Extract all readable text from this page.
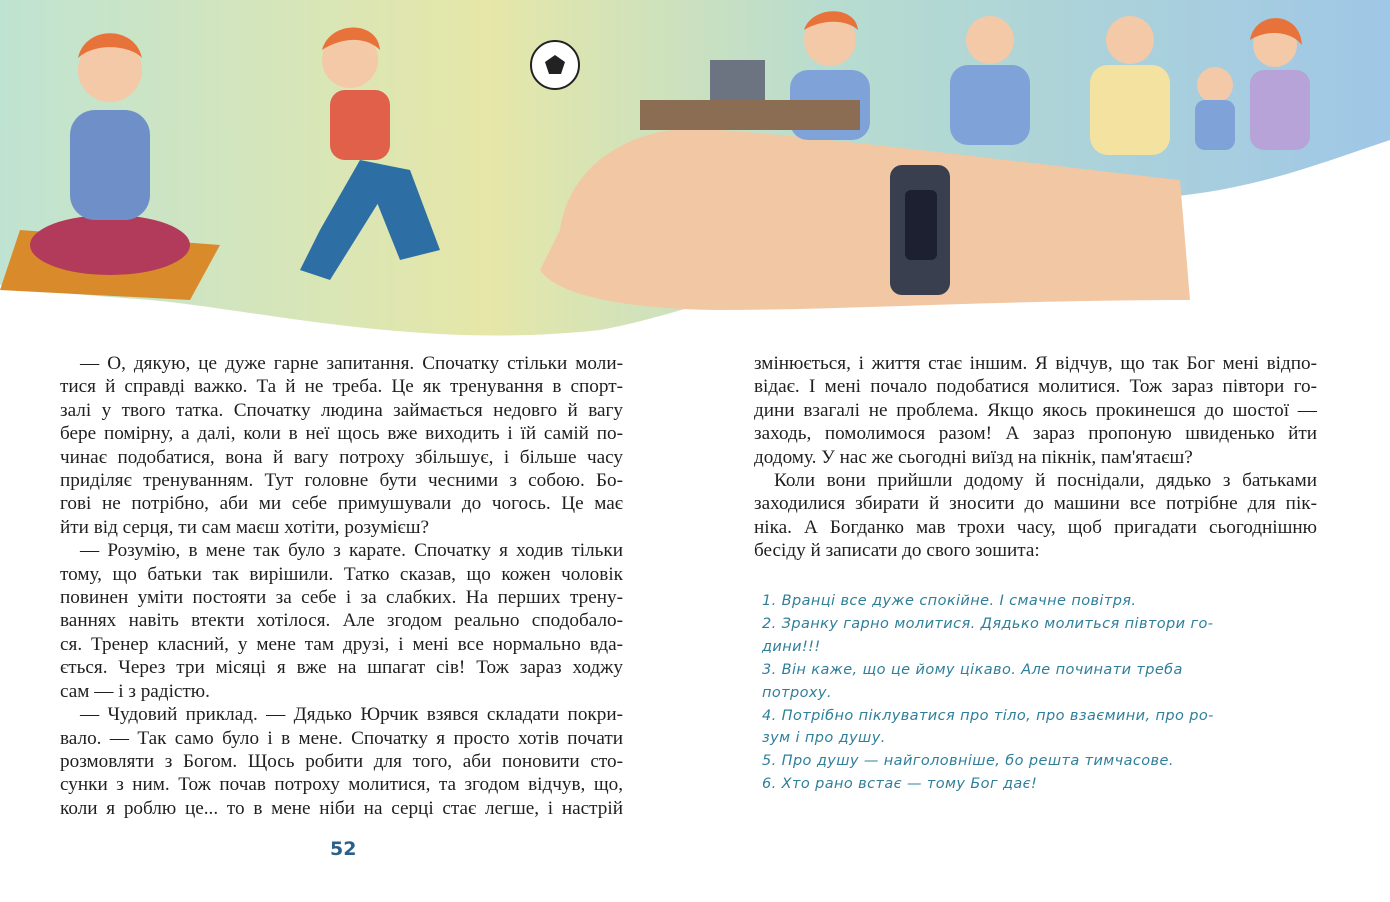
— О, дякую, це дуже гарне запитання. Спочатку стільки моли-
тися й справді важко. Та й не треба. Це як тренування в спорт-
залі у твого татка. Спочатку людина займається недовго й вагу
бере помірну, а далі, коли в неї щось вже виходить і їй самій по-
чинає подобатися, вона й вагу потроху збільшує, і більше часу
приділяє тренуванням. Тут головне бути чесними з собою. Бо-
гові не потрібно, аби ми себе примушували до чогось. Це має
йти від серця, ти сам маєш хотіти, розумієш?
— Розумію, в мене так було з карате. Спочатку я ходив тільки
тому, що батьки так вирішили. Татко сказав, що кожен чоловік
повинен уміти постояти за себе і за слабких. На перших трену-
ваннях навіть втекти хотілося. Але згодом реально сподобало-
ся. Тренер класний, у мене там друзі, і мені все нормально вда-
ється. Через три місяці я вже на шпагат сів! Тож зараз ходжу
сам — і з радістю.
— Чудовий приклад. — Дядько Юрчик взявся складати покри-
вало. — Так само було і в мене. Спочатку я просто хотів почати
розмовляти з Богом. Щось робити для того, аби поновити сто-
сунки з ним. Тож почав потроху молитися, та згодом відчув, що,
коли я роблю це... то в мене ніби на серці стає легше, і настрій
змінюється, і життя стає іншим. Я відчув, що так Бог мені відпо-
відає. І мені почало подобатися молитися. Тож зараз півтори го-
дини взагалі не проблема. Якщо якось прокинешся до шостої —
заходь, помолимося разом! А зараз пропоную швиденько йти
додому. У нас же сьогодні виїзд на пікнік, пам'ятаєш?
Коли вони прийшли додому й поснідали, дядько з батьками
заходилися збирати й зносити до машини все потрібне для пік-
ніка. А Богданко мав трохи часу, щоб пригадати сьогоднішню
бесіду й записати до свого зошита:
1. Вранці все дуже спокійне. І смачне повітря.
2. Зранку гарно молитися. Дядько молиться півтори го-
дини!!!
3. Він каже, що це йому цікаво. Але починати треба
потроху.
4. Потрібно піклуватися про тіло, про взаємини, про ро-
зум і про душу.
5. Про душу — найголовніше, бо решта тимчасове.
6. Хто рано встає — тому Бог дає!
52
